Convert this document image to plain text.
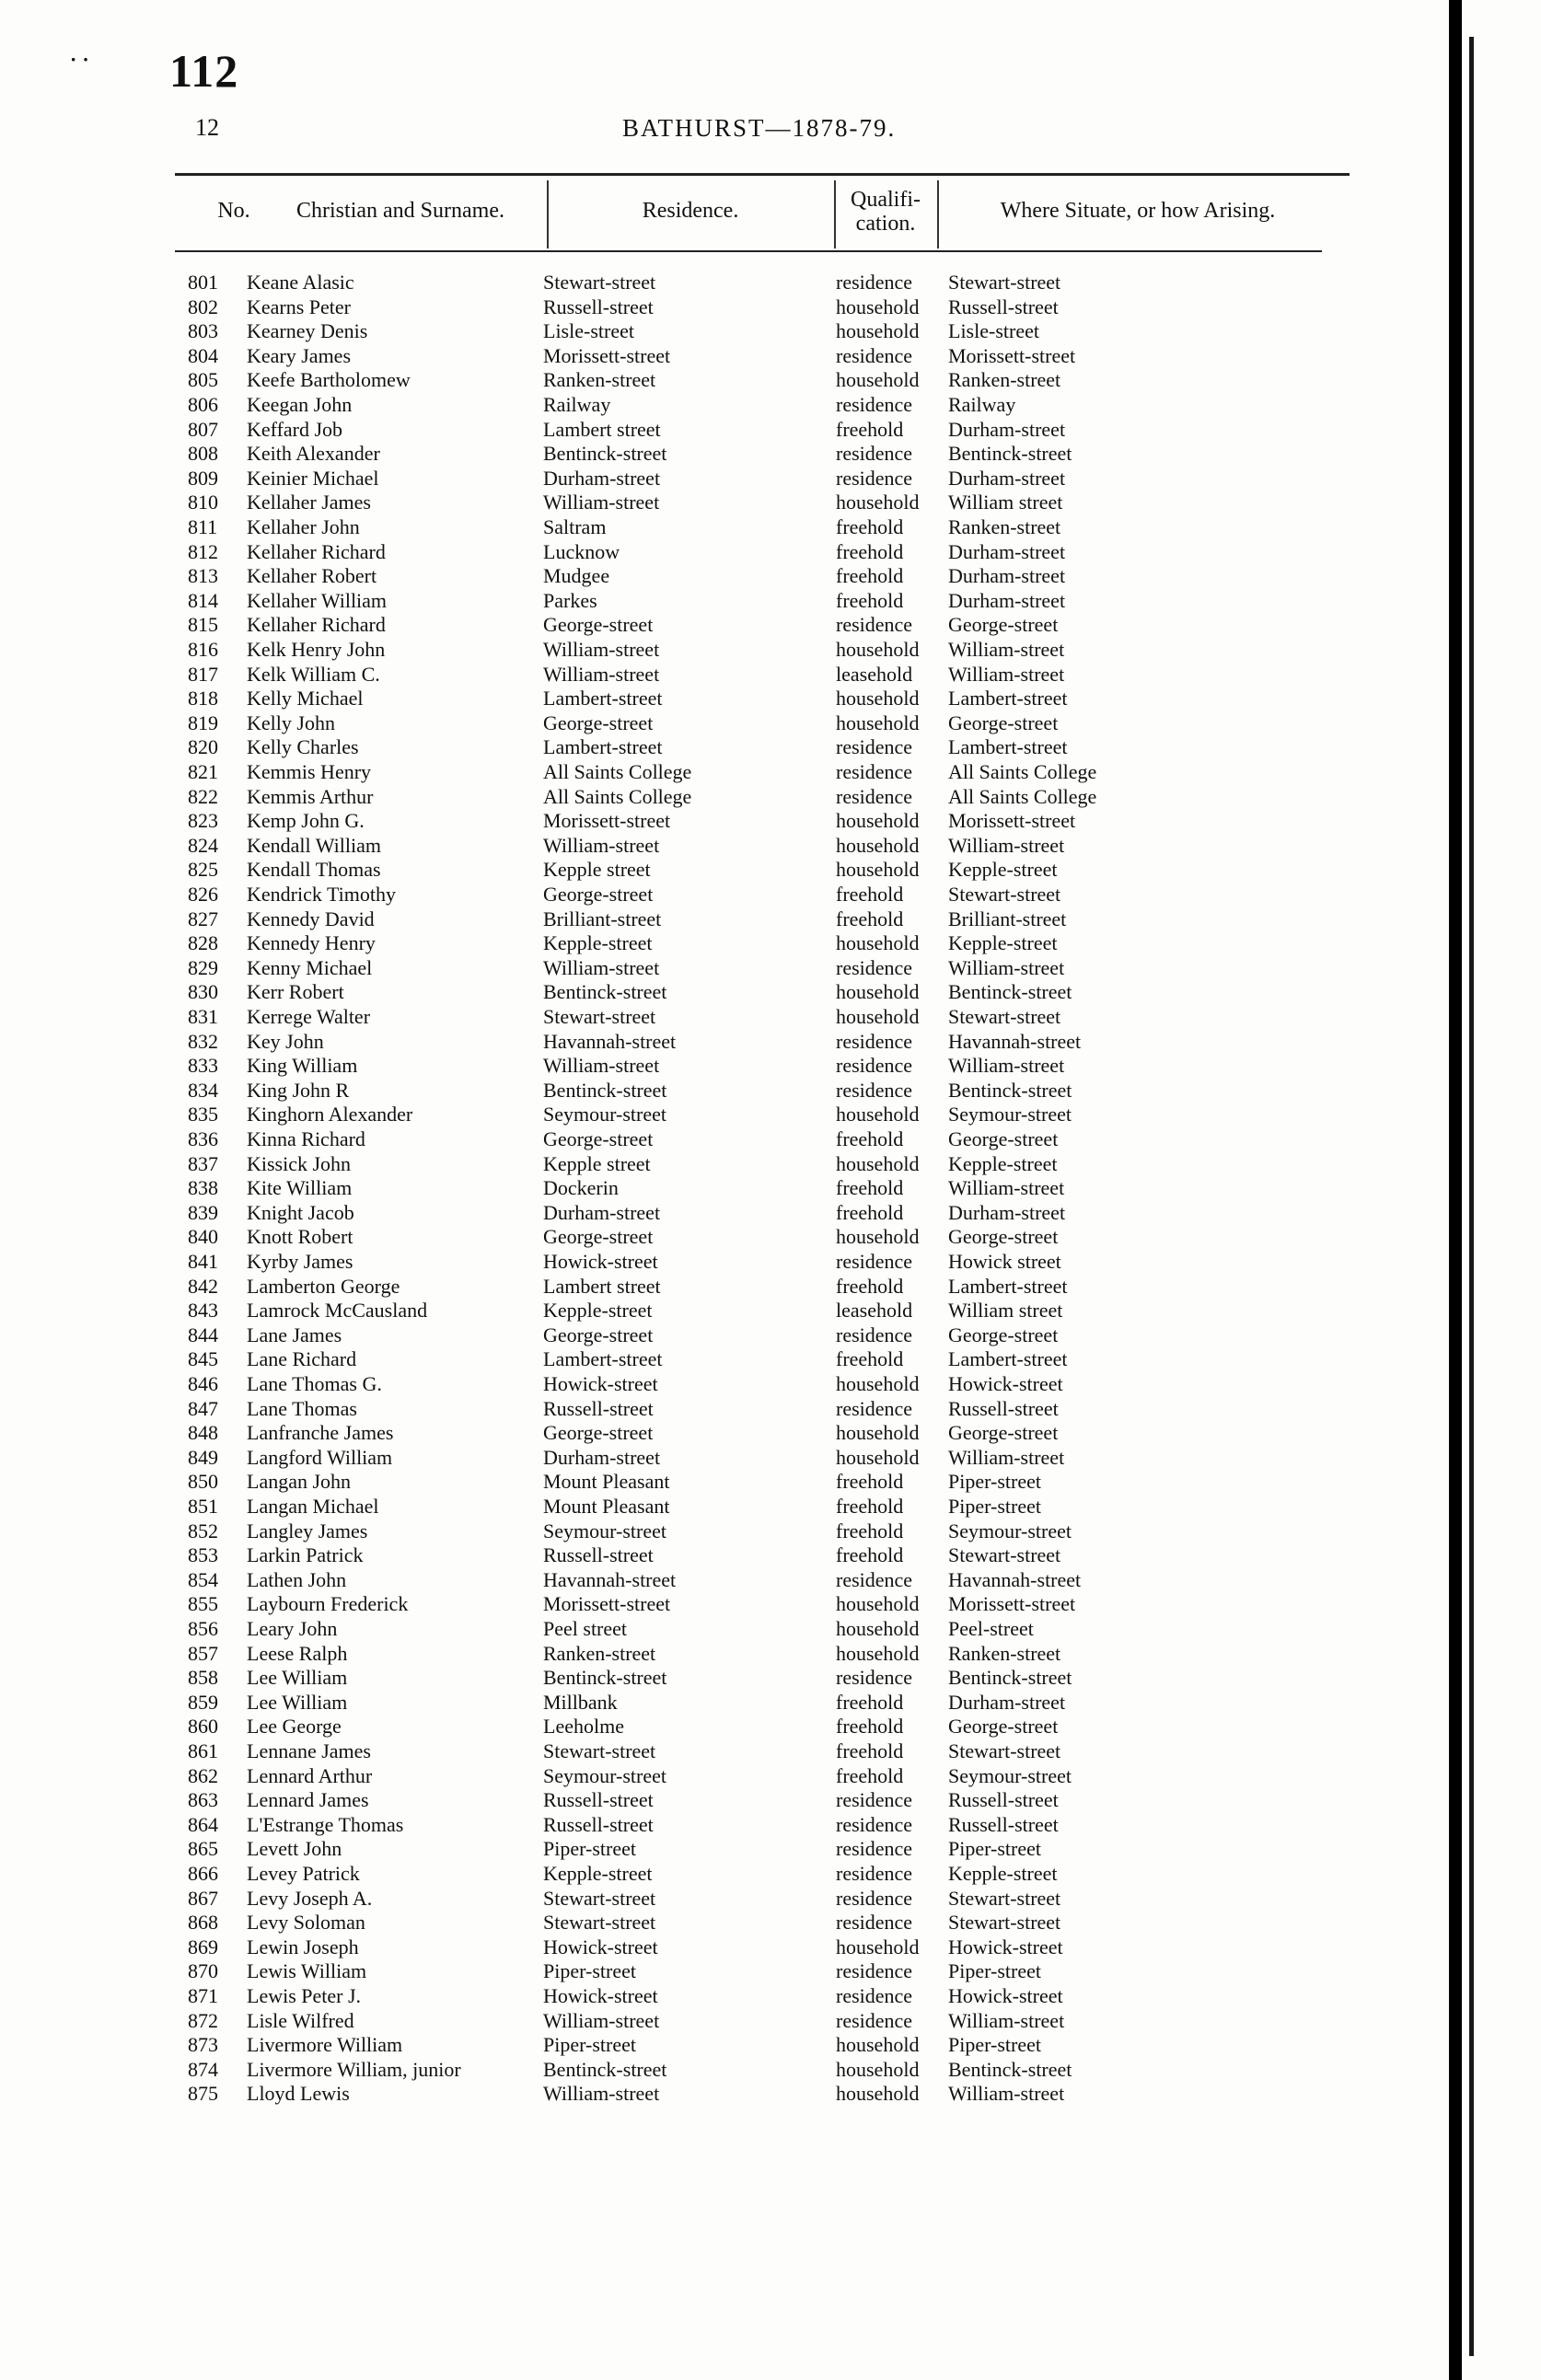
·· 112
12	BATHURST—1878-79.
No.	Christian and Surname.	Residence.	Qualifi-
cation.
Where Situate, or how Arising.
801	Keane Alasic	Stewart-street	residence Stewart-street
802	Kearns Peter	Russell-street	household Russell-street
803	Kearney Denis	Lisle-street	household Lisle-street
804	Keary James	Morissett-street	residence Morissett-street
805	Keefe Bartholomew	Ranken-street	household Ranken-street
806	Keegan John	Railway	residence Railway
807	Keffard Job	Lambert street	freehold Durham-street
808	Keith Alexander	Bentinck-street	residence Bentinck-street
809	Keinier Michael	Durham-street	residence Durham-street
810	Kellaher James	William-street	household William street
811	Kellaher John	Saltram	freehold Ranken-street
812	Kellaher Richard	Lucknow	freehold Durham-street
813	Kellaher Robert	Mudgee	freehold Durham-street
814	Kellaher William	Parkes	freehold Durham-street
815	Kellaher Richard	George-street	residence George-street
816	Kelk Henry John	William-street	household William-street
817	Kelk William C.	William-street	leasehold William-street
818	Kelly Michael	Lambert-street	household Lambert-street
819	Kelly John	George-street	household George-street
820	Kelly Charles	Lambert-street	residence Lambert-street
821	Kemmis Henry	All Saints College	residence All Saints College
822	Kemmis Arthur	All Saints College	residence All Saints College
823	Kemp John G.	Morissett-street	household Morissett-street
824	Kendall William	William-street	household William-street
825	Kendall Thomas	Kepple street	household Kepple-street
826	Kendrick Timothy	George-street	freehold Stewart-street
827	Kennedy David	Brilliant-street	freehold Brilliant-street
828	Kennedy Henry	Kepple-street	household Kepple-street
829	Kenny Michael	William-street	residence William-street
830	Kerr Robert	Bentinck-street	household Bentinck-street
831	Kerrege Walter	Stewart-street	household Stewart-street
832	Key John	Havannah-street	residence Havannah-street
833	King William	William-street	residence William-street
834	King John R	Bentinck-street	residence Bentinck-street
835	Kinghorn Alexander	Seymour-street	household Seymour-street
836	Kinna Richard	George-street	freehold George-street
837	Kissick John	Kepple street	household Kepple-street
838	Kite William	Dockerin	freehold William-street
839	Knight Jacob	Durham-street	freehold Durham-street
840	Knott Robert	George-street	household George-street
841	Kyrby James	Howick-street	residence Howick street
842	Lamberton George	Lambert street	freehold Lambert-street
843	Lamrock McCausland	Kepple-street	leasehold William street
844	Lane James	George-street	residence George-street
845	Lane Richard	Lambert-street	freehold Lambert-street
846	Lane Thomas G.	Howick-street	household Howick-street
847	Lane Thomas	Russell-street	residence Russell-street
848	Lanfranche James	George-street	household George-street
849	Langford William	Durham-street	household William-street
850	Langan John	Mount Pleasant	freehold Piper-street
851	Langan Michael	Mount Pleasant	freehold Piper-street
852	Langley James	Seymour-street	freehold Seymour-street
853	Larkin Patrick	Russell-street	freehold Stewart-street
854	Lathen John	Havannah-street	residence Havannah-street
855	Laybourn Frederick	Morissett-street	household Morissett-street
856	Leary John	Peel street	household Peel-street
857	Leese Ralph	Ranken-street	household Ranken-street
858	Lee William	Bentinck-street	residence Bentinck-street
859	Lee William	Millbank	freehold Durham-street
860	Lee George	Leeholme	freehold George-street
861	Lennane James	Stewart-street	freehold Stewart-street
862	Lennard Arthur	Seymour-street	freehold Seymour-street
863	Lennard James	Russell-street	residence Russell-street
864	L'Estrange Thomas	Russell-street	residence Russell-street
865	Levett John	Piper-street	residence Piper-street
866	Levey Patrick	Kepple-street	residence Kepple-street
867	Levy Joseph A.	Stewart-street	residence Stewart-street
868	Levy Soloman	Stewart-street	residence Stewart-street
869	Lewin Joseph	Howick-street	household Howick-street
870	Lewis William	Piper-street	residence Piper-street
871	Lewis Peter J.	Howick-street	residence Howick-street
872	Lisle Wilfred	William-street	residence William-street
873	Livermore William	Piper-street	household Piper-street
874	Livermore William, junior	Bentinck-street	household Bentinck-street
875	Lloyd Lewis	William-street	household William-street
